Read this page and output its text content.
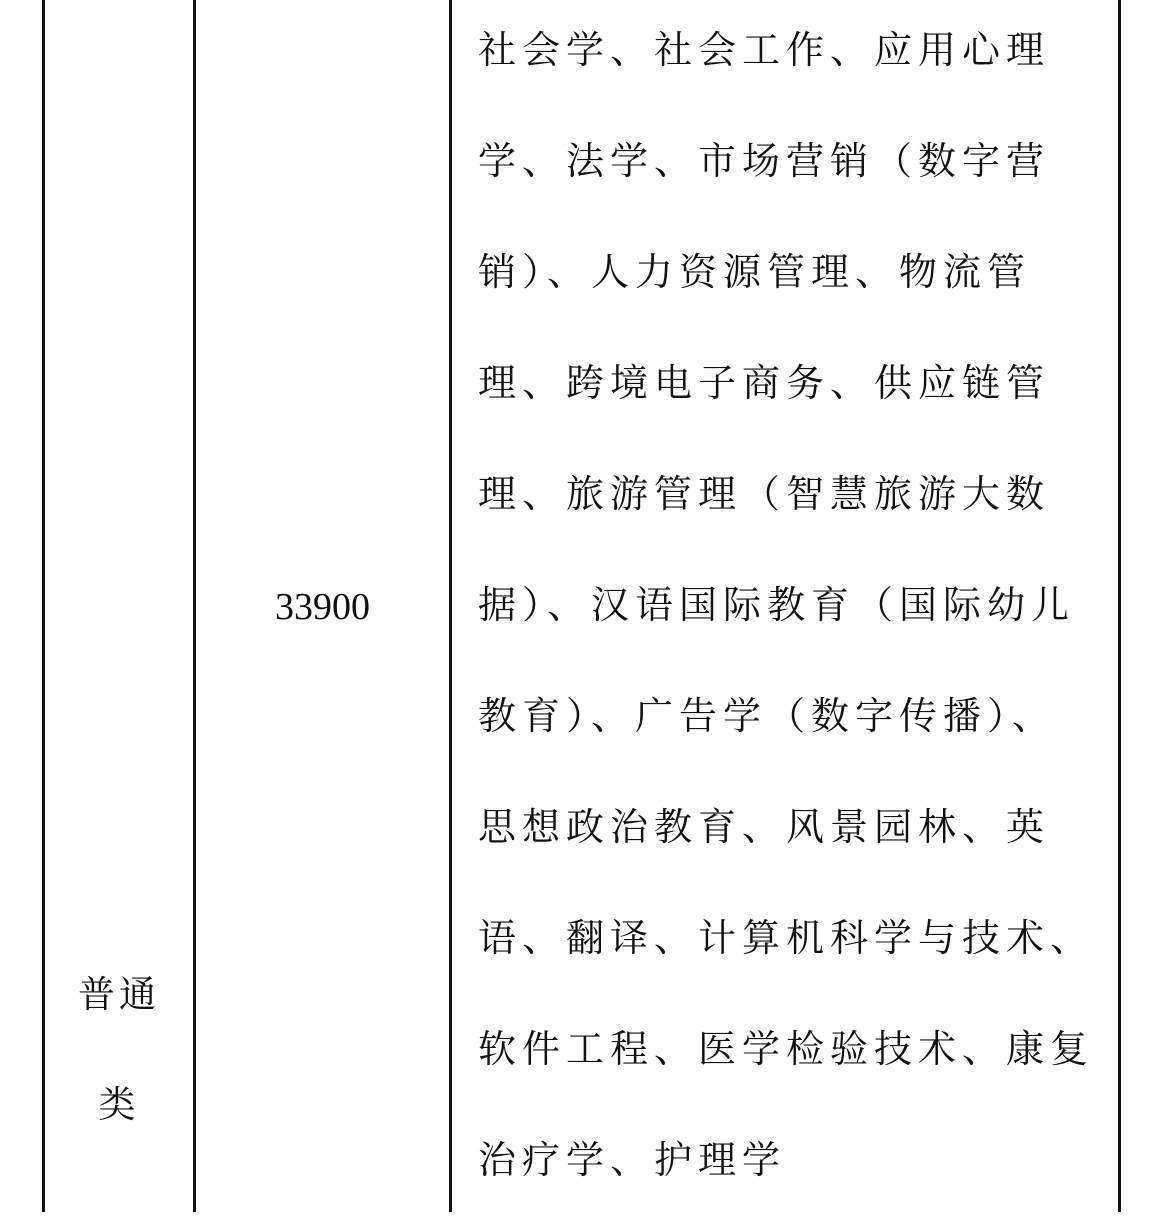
普通
类
33900
社会学、社会工作、应用心理
学、法学、市场营销（数字营
销）、人力资源管理、物流管
理、跨境电子商务、供应链管
理、旅游管理（智慧旅游大数
据）、汉语国际教育（国际幼儿
教育）、广告学（数字传播）、
思想政治教育、风景园林、英
语、翻译、计算机科学与技术、
软件工程、医学检验技术、康复
治疗学、护理学
